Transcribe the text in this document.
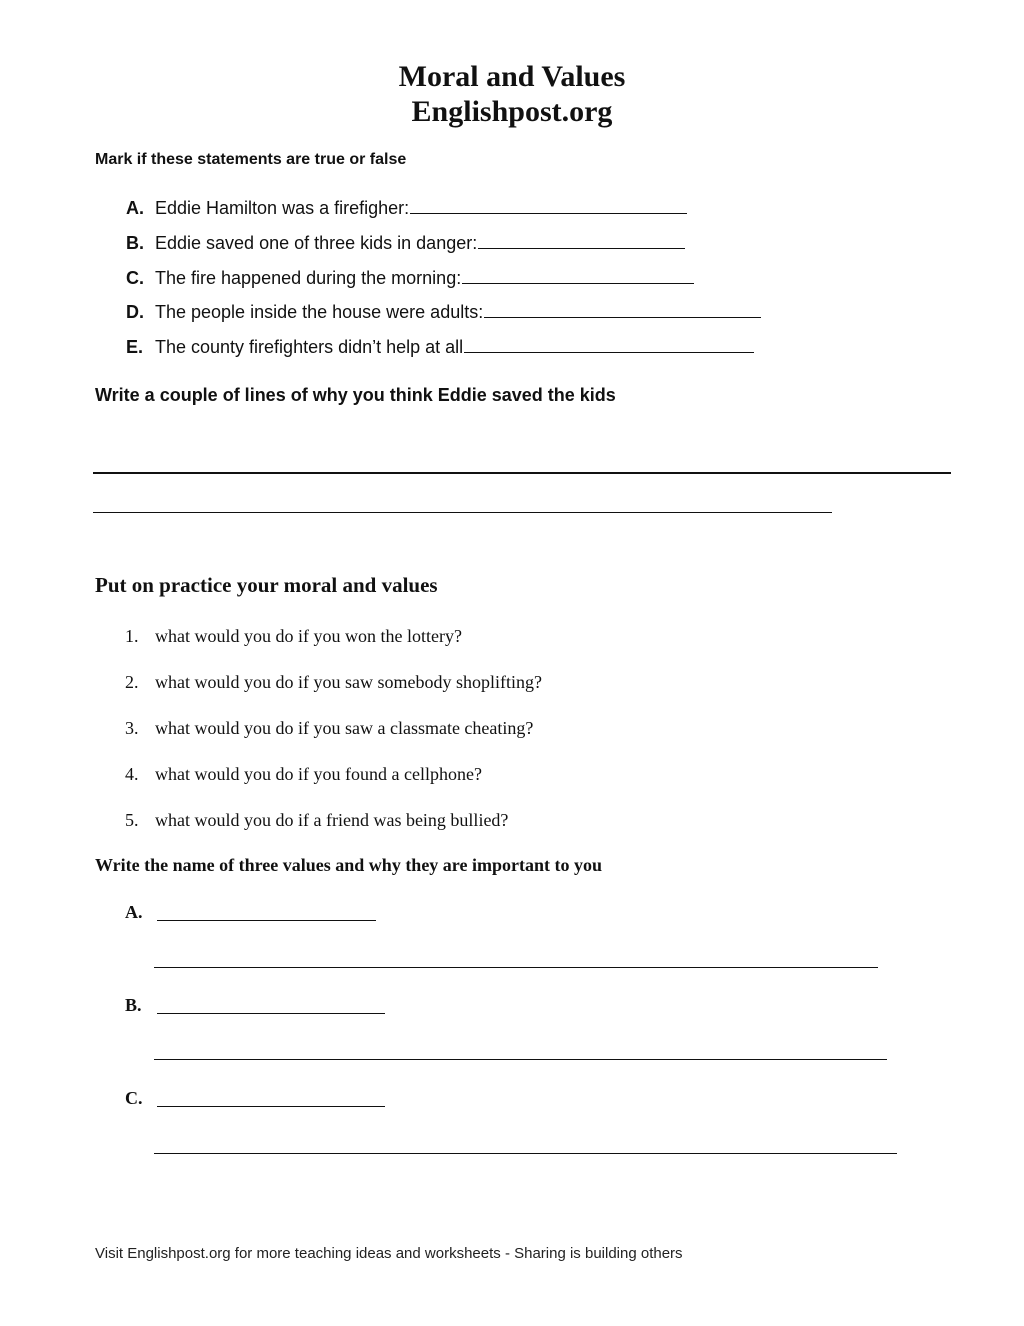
Moral and Values
Englishpost.org
Mark if these statements are true or false
A. Eddie Hamilton was a firefigher:
B. Eddie saved one of three kids in danger:
C. The fire happened during the morning:
D. The people inside the house were adults:
E. The county firefighters didn’t help at all
Write a couple of lines of why you think Eddie saved the kids
Put on practice your moral and values
1. what would you do if you won the lottery?
2. what would you do if you saw somebody shoplifting?
3. what would you do if you saw a classmate cheating?
4. what would you do if you found a cellphone?
5. what would you do if a friend was being bullied?
Write the name of three values and why they are important to you
A.
B.
C.
Visit Englishpost.org for more teaching ideas and worksheets - Sharing is building others
